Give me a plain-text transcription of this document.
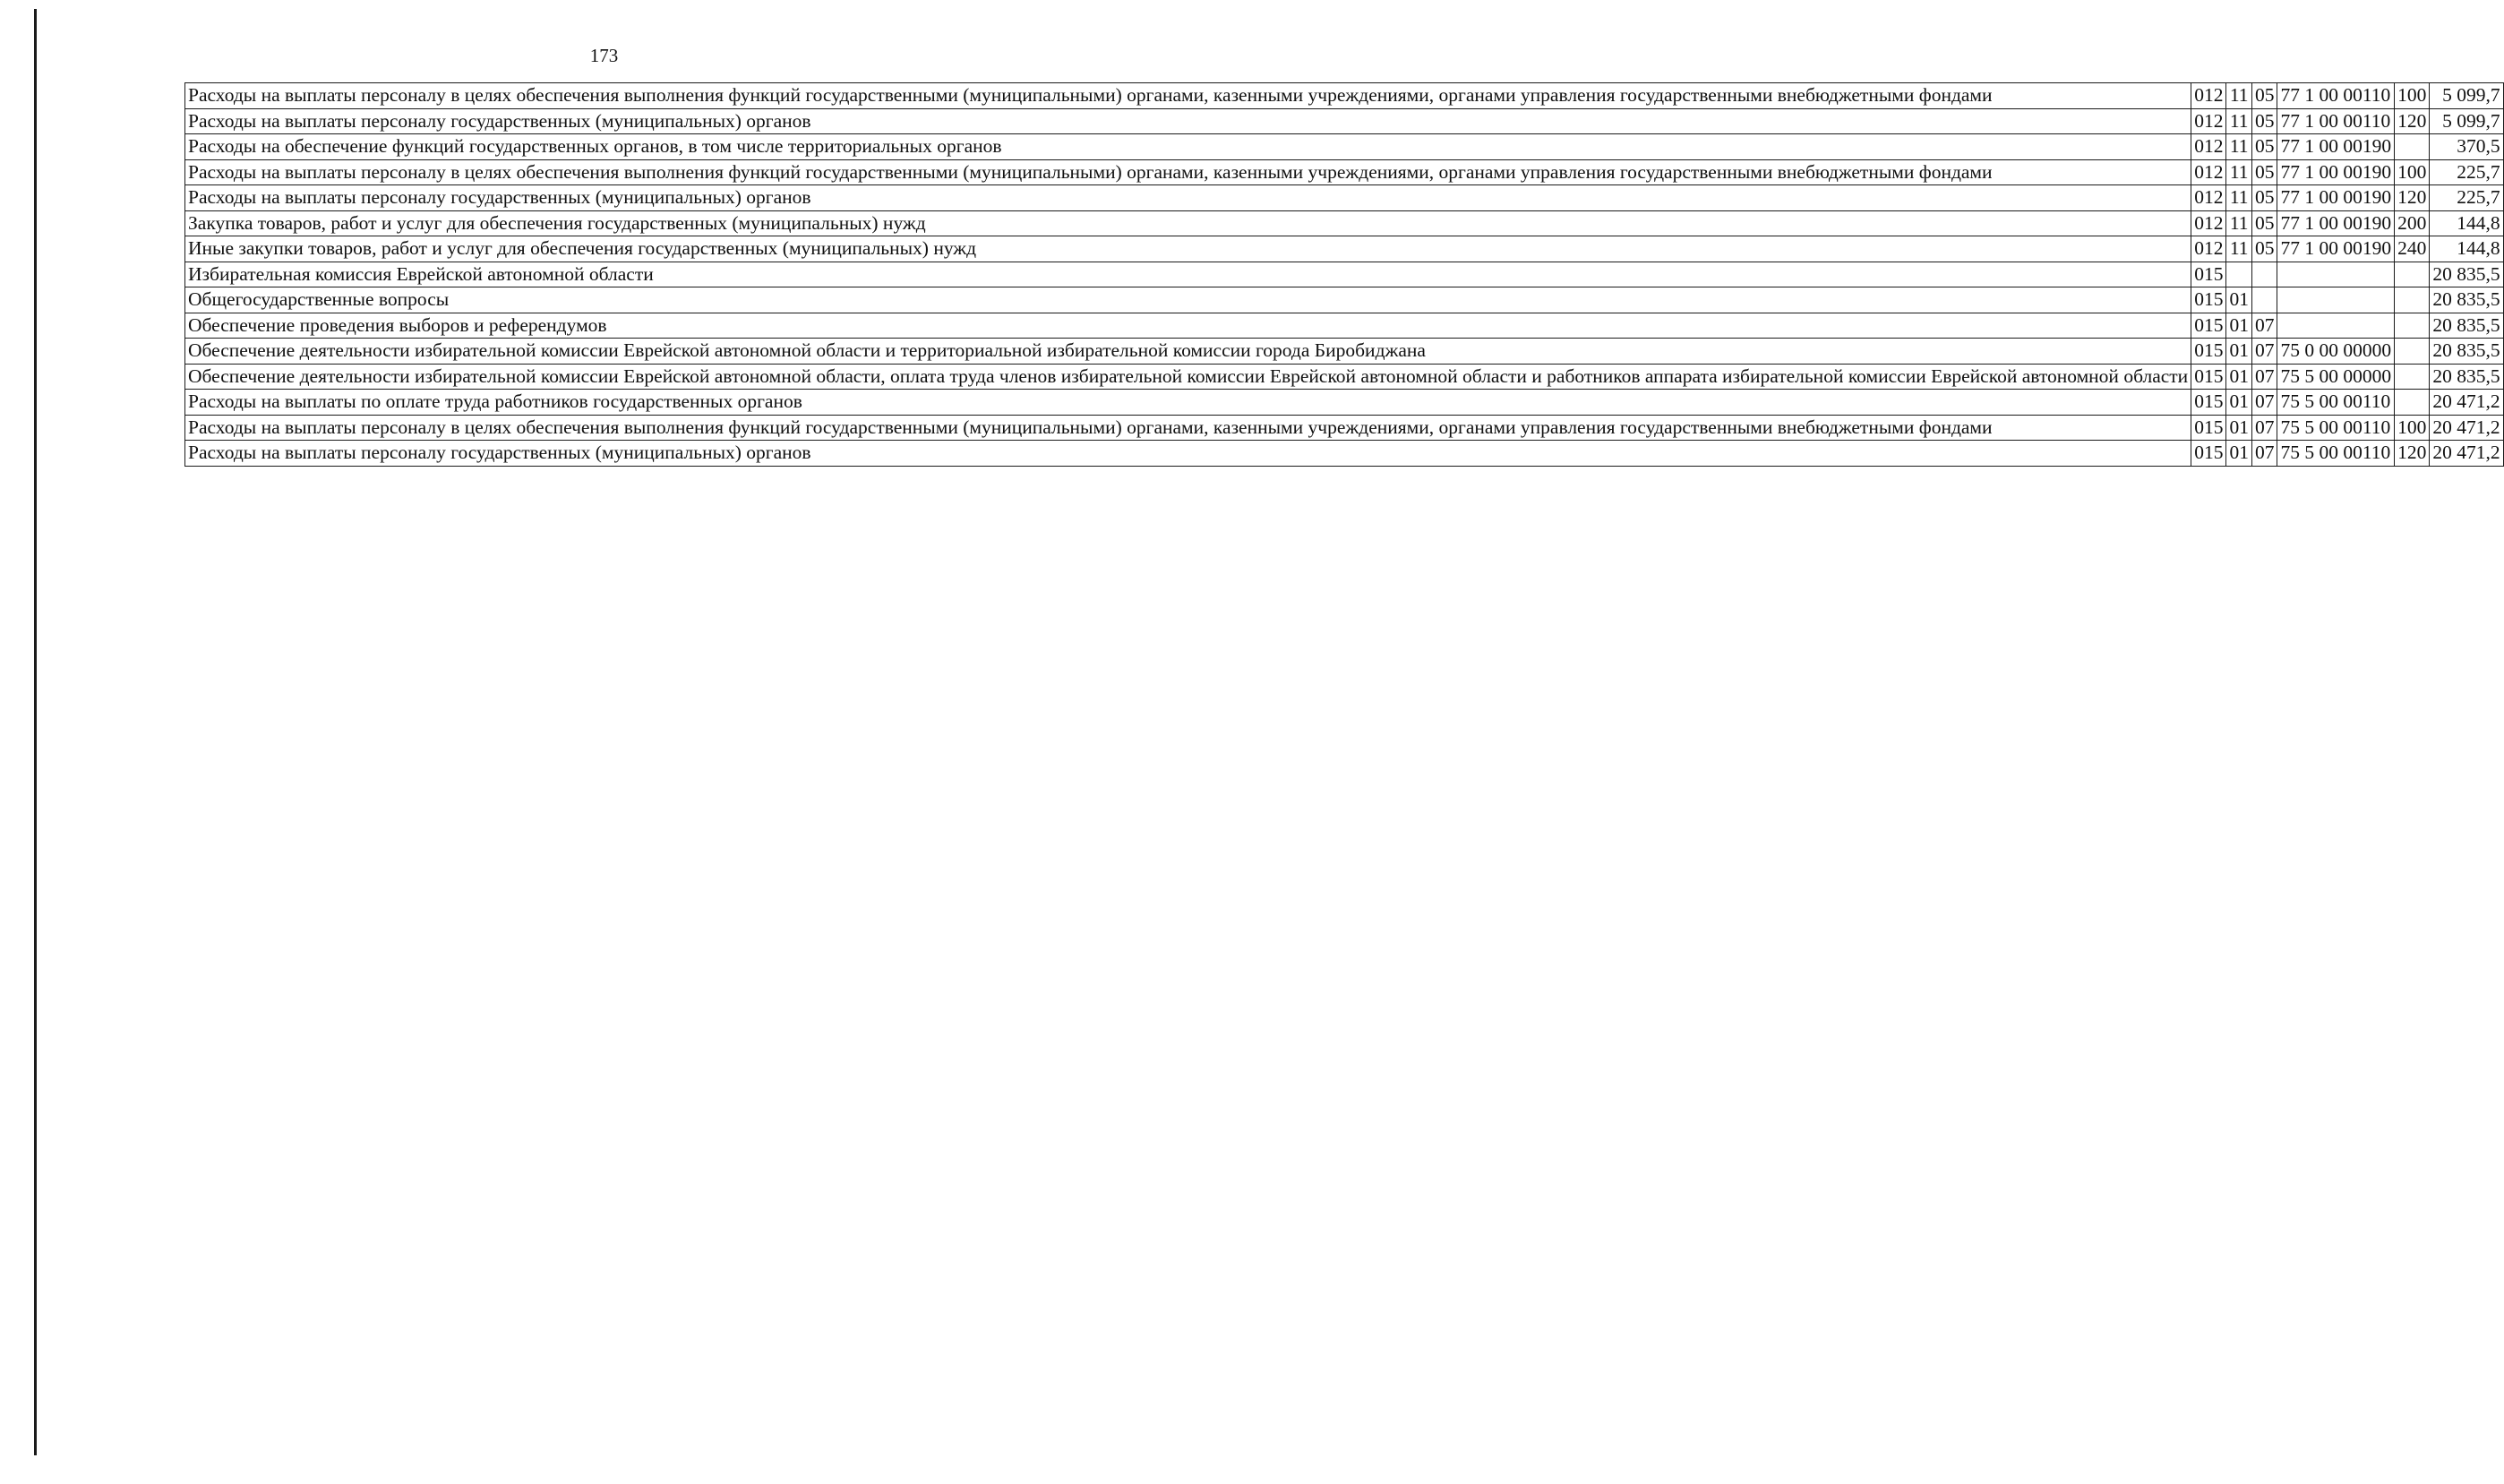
173
Расходы на выплаты персоналу в целях обеспечения выполнения функций государственными (муниципальными) органами, казенными учреждениями, органами управления государственными внебюджетными фондами	012	11	05	77 1 00 00110	100	5 099,7
Расходы на выплаты персоналу государственных (муниципальных) органов	012	11	05	77 1 00 00110	120	5 099,7
Расходы на обеспечение функций государственных органов, в том числе территориальных органов	012	11	05	77 1 00 00190		370,5
Расходы на выплаты персоналу в целях обеспечения выполнения функций государственными (муниципальными) органами, казенными учреждениями, органами управления государственными внебюджетными фондами	012	11	05	77 1 00 00190	100	225,7
Расходы на выплаты персоналу государственных (муниципальных) органов	012	11	05	77 1 00 00190	120	225,7
Закупка товаров, работ и услуг для обеспечения государственных (муниципальных) нужд	012	11	05	77 1 00 00190	200	144,8
Иные закупки товаров, работ и услуг для обеспечения государственных (муниципальных) нужд	012	11	05	77 1 00 00190	240	144,8
Избирательная комиссия Еврейской автономной области	015					20 835,5
Общегосударственные вопросы	015	01				20 835,5
Обеспечение проведения выборов и референдумов	015	01	07			20 835,5
Обеспечение деятельности избирательной комиссии Еврейской автономной области и территориальной избирательной комиссии города Биробиджана	015	01	07	75 0 00 00000		20 835,5
Обеспечение деятельности избирательной комиссии Еврейской автономной области, оплата труда членов избирательной комиссии Еврейской автономной области и работников аппарата избирательной комиссии Еврейской автономной области	015	01	07	75 5 00 00000		20 835,5
Расходы на выплаты по оплате труда работников государственных органов	015	01	07	75 5 00 00110		20 471,2
Расходы на выплаты персоналу в целях обеспечения выполнения функций государственными (муниципальными) органами, казенными учреждениями, органами управления государственными внебюджетными фондами	015	01	07	75 5 00 00110	100	20 471,2
Расходы на выплаты персоналу государственных (муниципальных) органов	015	01	07	75 5 00 00110	120	20 471,2
